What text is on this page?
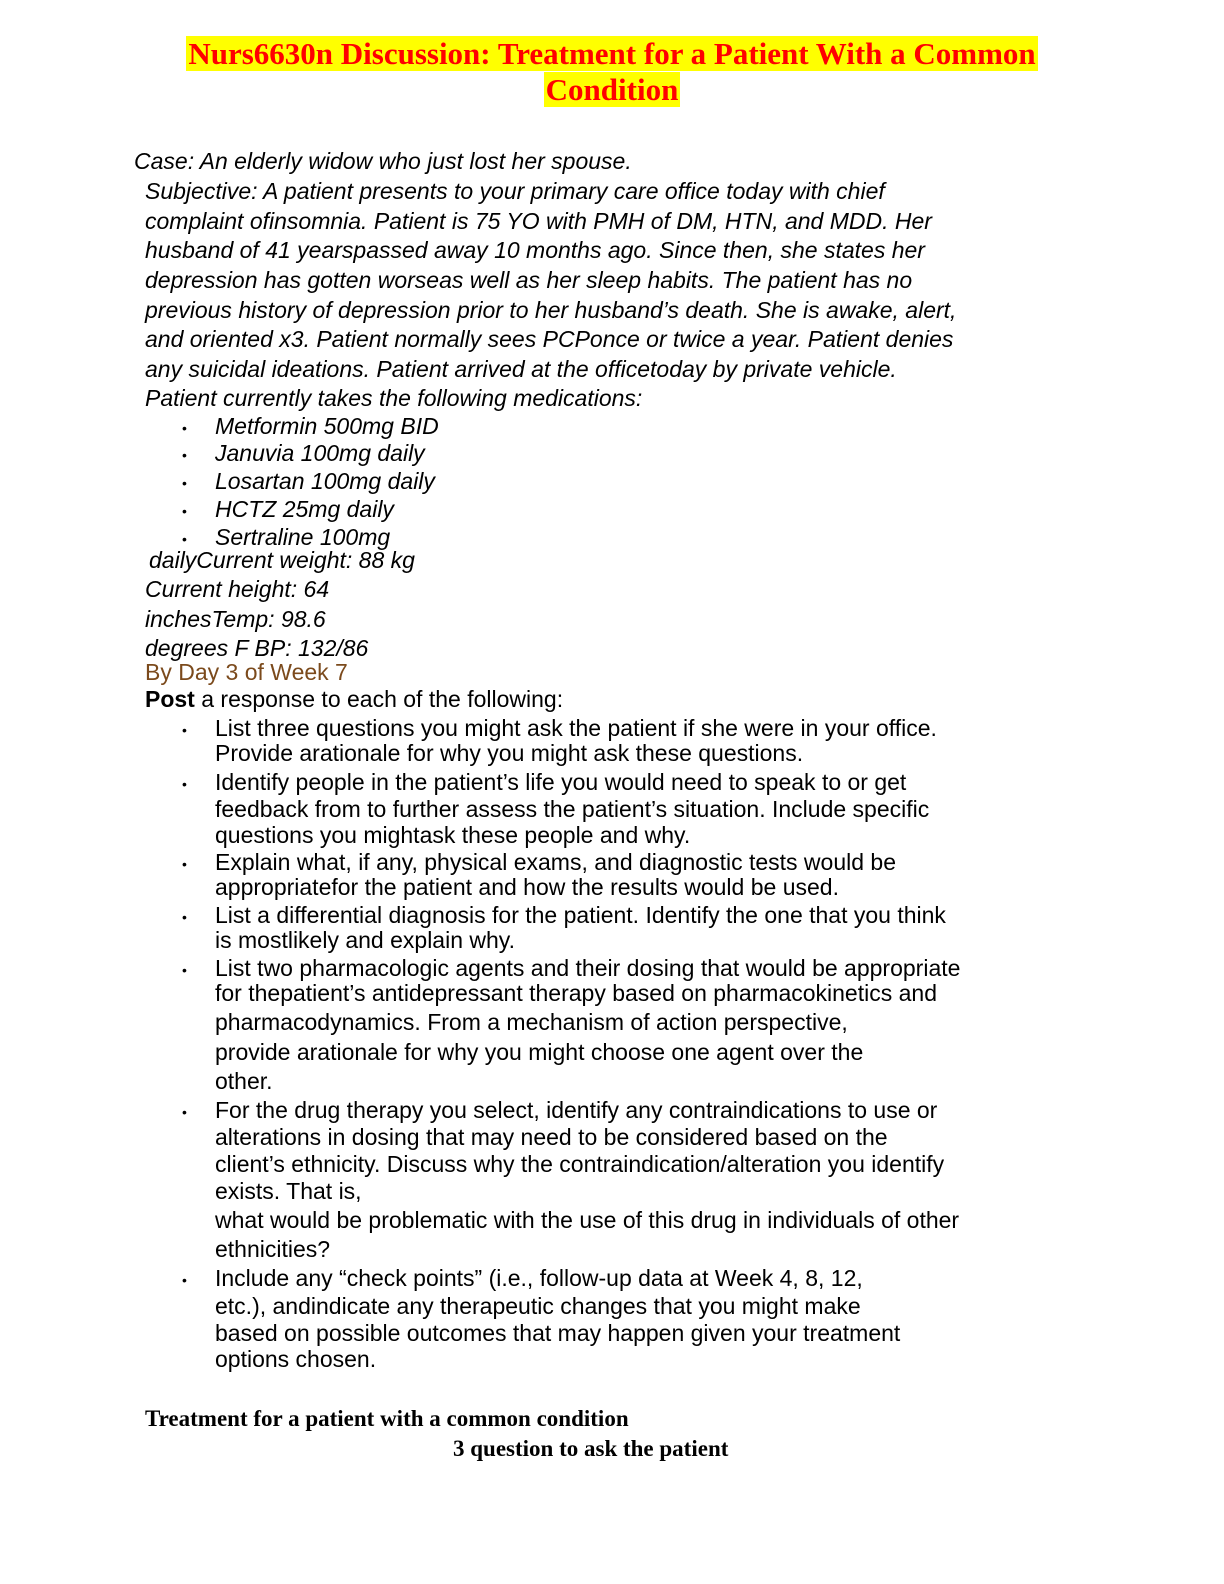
Nurs6630n Discussion: Treatment for a Patient With a Common
Condition
Case: An elderly widow who just lost her spouse.
Subjective: A patient presents to your primary care office today with chief
complaint ofinsomnia. Patient is 75 YO with PMH of DM, HTN, and MDD. Her
husband of 41 yearspassed away 10 months ago. Since then, she states her
depression has gotten worseas well as her sleep habits. The patient has no
previous history of depression prior to her husband’s death. She is awake, alert,
and oriented x3. Patient normally sees PCPonce or twice a year. Patient denies
any suicidal ideations. Patient arrived at the officetoday by private vehicle.
Patient currently takes the following medications:
• Metformin 500mg BID
• Januvia 100mg daily
• Losartan 100mg daily
• HCTZ 25mg daily
• Sertraline 100mg
dailyCurrent weight: 88 kg
Current height: 64
inchesTemp: 98.6
degrees F BP: 132/86
By Day 3 of Week 7
Post a response to each of the following:
• List three questions you might ask the patient if she were in your office.
Provide arationale for why you might ask these questions.
• Identify people in the patient’s life you would need to speak to or get
feedback from to further assess the patient’s situation. Include specific
questions you mightask these people and why.
• Explain what, if any, physical exams, and diagnostic tests would be
appropriatefor the patient and how the results would be used.
• List a differential diagnosis for the patient. Identify the one that you think
is mostlikely and explain why.
• List two pharmacologic agents and their dosing that would be appropriate
for thepatient’s antidepressant therapy based on pharmacokinetics and
pharmacodynamics. From a mechanism of action perspective,
provide arationale for why you might choose one agent over the
other.
• For the drug therapy you select, identify any contraindications to use or
alterations in dosing that may need to be considered based on the
client’s ethnicity. Discuss why the contraindication/alteration you identify
exists. That is,
what would be problematic with the use of this drug in individuals of other
ethnicities?
• Include any “check points” (i.e., follow-up data at Week 4, 8, 12,
etc.), andindicate any therapeutic changes that you might make
based on possible outcomes that may happen given your treatment
options chosen.
Treatment for a patient with a common condition
3 question to ask the patient
